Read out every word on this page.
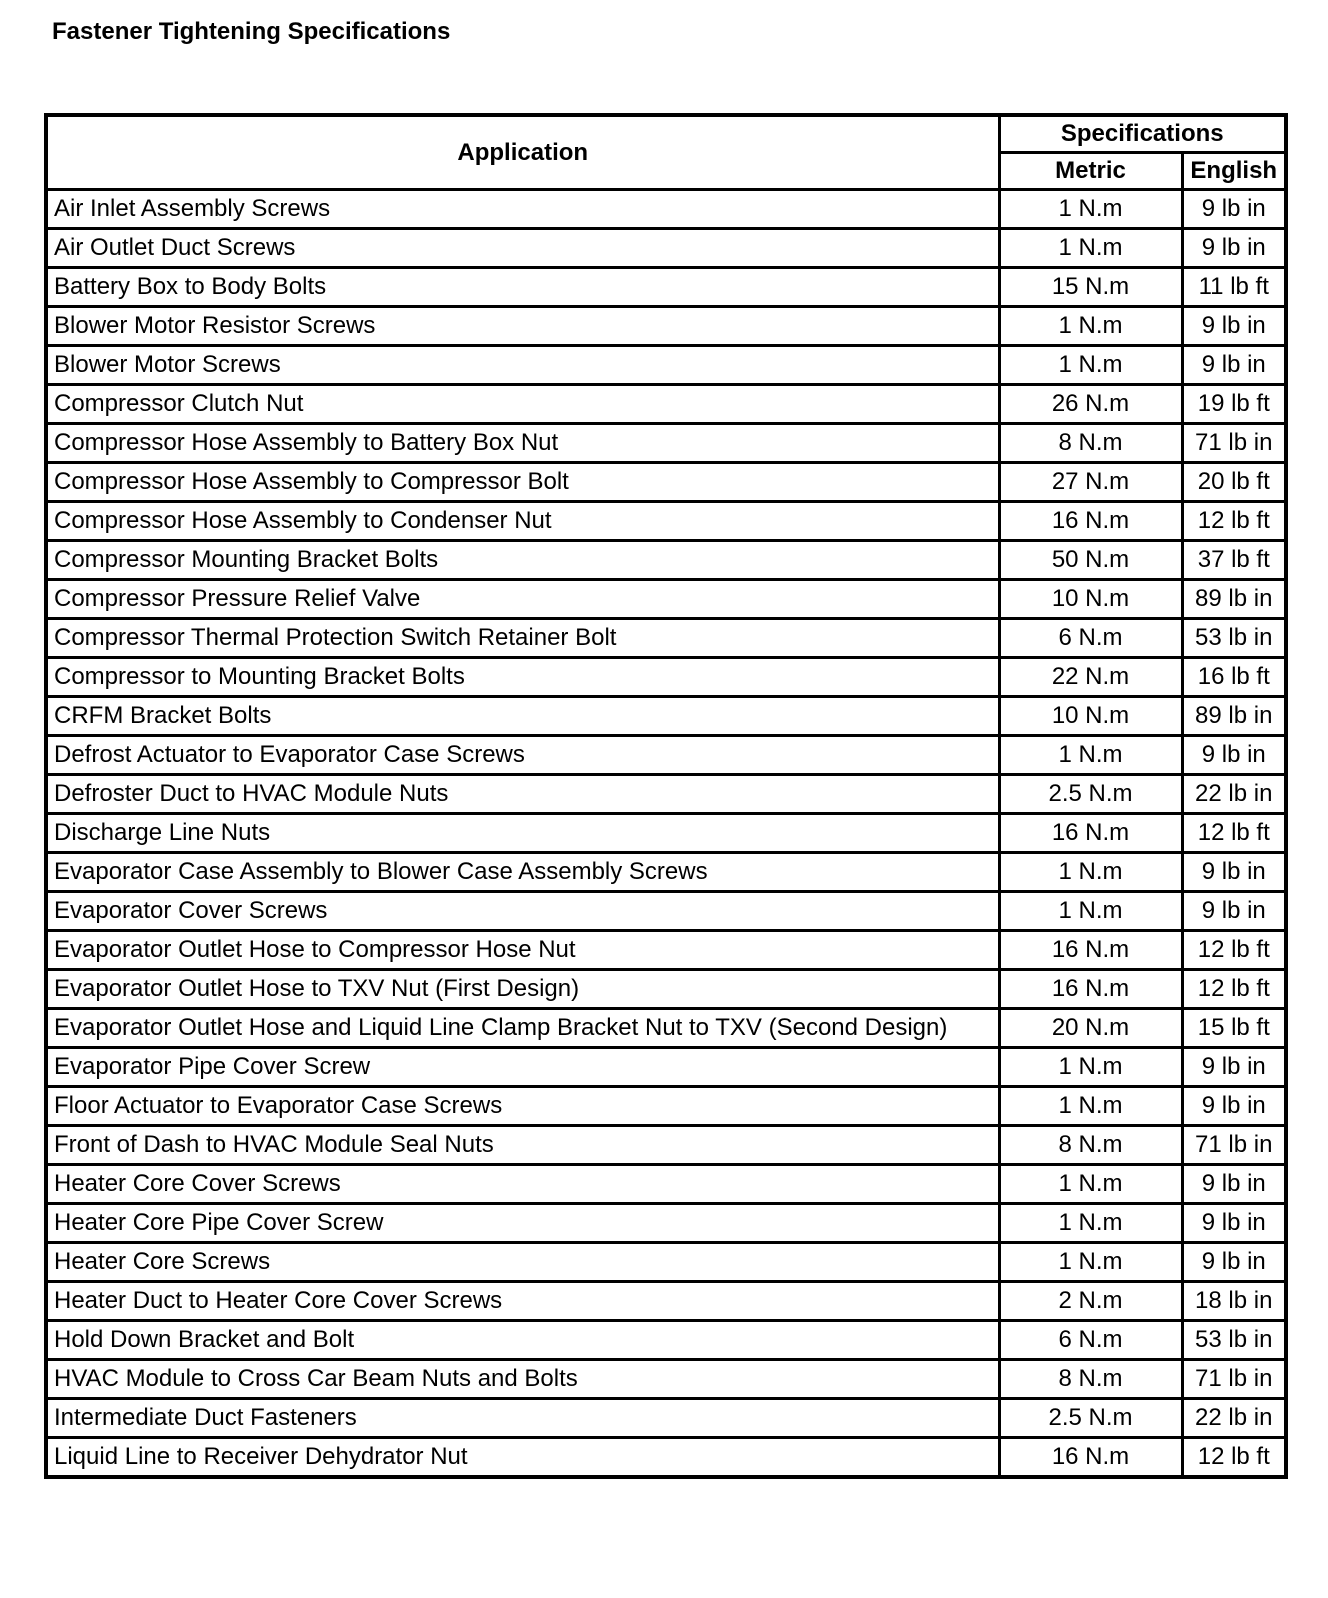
Fastener Tightening Specifications
Application	Specifications	
	Metric	English
Air Inlet Assembly Screws	1 N.m	9 lb in
Air Outlet Duct Screws	1 N.m	9 lb in
Battery Box to Body Bolts	15 N.m	11 lb ft
Blower Motor Resistor Screws	1 N.m	9 lb in
Blower Motor Screws	1 N.m	9 lb in
Compressor Clutch Nut	26 N.m	19 lb ft
Compressor Hose Assembly to Battery Box Nut	8 N.m	71 lb in
Compressor Hose Assembly to Compressor Bolt	27 N.m	20 lb ft
Compressor Hose Assembly to Condenser Nut	16 N.m	12 lb ft
Compressor Mounting Bracket Bolts	50 N.m	37 lb ft
Compressor Pressure Relief Valve	10 N.m	89 lb in
Compressor Thermal Protection Switch Retainer Bolt	6 N.m	53 lb in
Compressor to Mounting Bracket Bolts	22 N.m	16 lb ft
CRFM Bracket Bolts	10 N.m	89 lb in
Defrost Actuator to Evaporator Case Screws	1 N.m	9 lb in
Defroster Duct to HVAC Module Nuts	2.5 N.m	22 lb in
Discharge Line Nuts	16 N.m	12 lb ft
Evaporator Case Assembly to Blower Case Assembly Screws	1 N.m	9 lb in
Evaporator Cover Screws	1 N.m	9 lb in
Evaporator Outlet Hose to Compressor Hose Nut	16 N.m	12 lb ft
Evaporator Outlet Hose to TXV Nut (First Design)	16 N.m	12 lb ft
Evaporator Outlet Hose and Liquid Line Clamp Bracket Nut to TXV (Second Design)	20 N.m	15 lb ft
Evaporator Pipe Cover Screw	1 N.m	9 lb in
Floor Actuator to Evaporator Case Screws	1 N.m	9 lb in
Front of Dash to HVAC Module Seal Nuts	8 N.m	71 lb in
Heater Core Cover Screws	1 N.m	9 lb in
Heater Core Pipe Cover Screw	1 N.m	9 lb in
Heater Core Screws	1 N.m	9 lb in
Heater Duct to Heater Core Cover Screws	2 N.m	18 lb in
Hold Down Bracket and Bolt	6 N.m	53 lb in
HVAC Module to Cross Car Beam Nuts and Bolts	8 N.m	71 lb in
Intermediate Duct Fasteners	2.5 N.m	22 lb in
Liquid Line to Receiver Dehydrator Nut	16 N.m	12 lb ft
